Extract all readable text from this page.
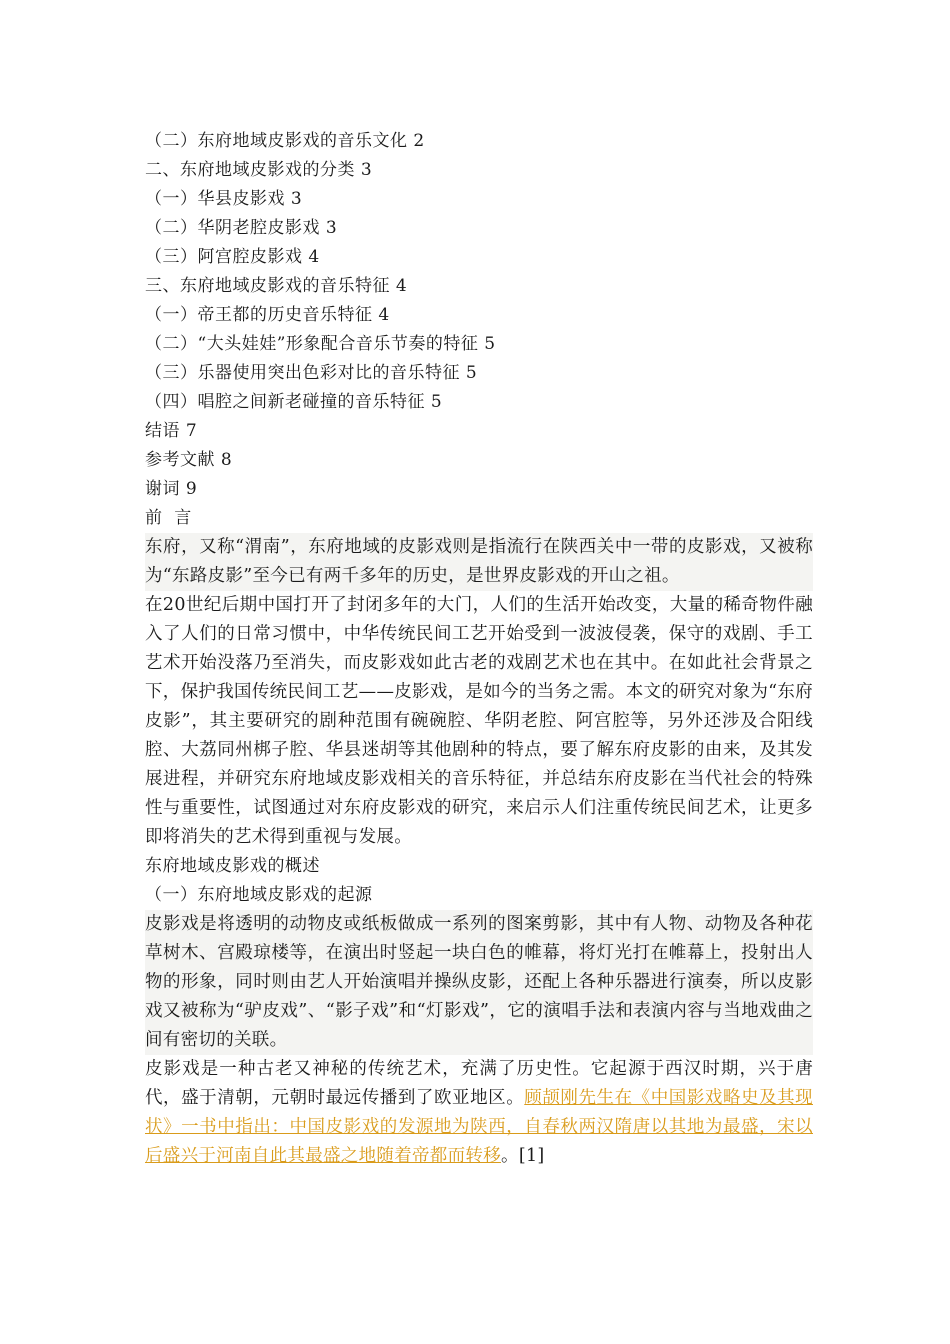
（二）东府地域皮影戏的音乐文化 2
二、东府地域皮影戏的分类 3
（一）华县皮影戏 3
（二）华阴老腔皮影戏 3
（三）阿宫腔皮影戏 4
三、东府地域皮影戏的音乐特征 4
（一）帝王都的历史音乐特征 4
（二）“大头娃娃”形象配合音乐节奏的特征 5
（三）乐器使用突出色彩对比的音乐特征 5
（四）唱腔之间新老碰撞的音乐特征 5
结语 7
参考文献 8
谢词 9
前  言

东府，又称“渭南”，东府地域的皮影戏则是指流行在陕西关中一带的皮影戏，又被称为“东路皮影”至今已有两千多年的历史，是世界皮影戏的开山之祖。

在20世纪后期中国打开了封闭多年的大门，人们的生活开始改变，大量的稀奇物件融入了人们的日常习惯中，中华传统民间工艺开始受到一波波侵袭，保守的戏剧、手工艺术开始没落乃至消失，而皮影戏如此古老的戏剧艺术也在其中。在如此社会背景之下，保护我国传统民间工艺——皮影戏，是如今的当务之需。本文的研究对象为“东府皮影”，其主要研究的剧种范围有碗碗腔、华阴老腔、阿宫腔等，另外还涉及合阳线腔、大荔同州梆子腔、华县迷胡等其他剧种的特点，要了解东府皮影的由来，及其发展进程，并研究东府地域皮影戏相关的音乐特征，并总结东府皮影在当代社会的特殊性与重要性，试图通过对东府皮影戏的研究，来启示人们注重传统民间艺术，让更多即将消失的艺术得到重视与发展。

东府地域皮影戏的概述
（一）东府地域皮影戏的起源

皮影戏是将透明的动物皮或纸板做成一系列的图案剪影，其中有人物、动物及各种花草树木、宫殿琼楼等，在演出时竖起一块白色的帷幕，将灯光打在帷幕上，投射出人物的形象，同时则由艺人开始演唱并操纵皮影，还配上各种乐器进行演奏，所以皮影戏又被称为“驴皮戏”、“影子戏”和“灯影戏”，它的演唱手法和表演内容与当地戏曲之间有密切的关联。

皮影戏是一种古老又神秘的传统艺术，充满了历史性。它起源于西汉时期，兴于唐代，盛于清朝，元朝时最远传播到了欧亚地区。顾颉刚先生在《中国影戏略史及其现状》一书中指出：中国皮影戏的发源地为陕西，自春秋两汉隋唐以其地为最盛，宋以后盛兴于河南自此其最盛之地随着帝都而转移。[1]
